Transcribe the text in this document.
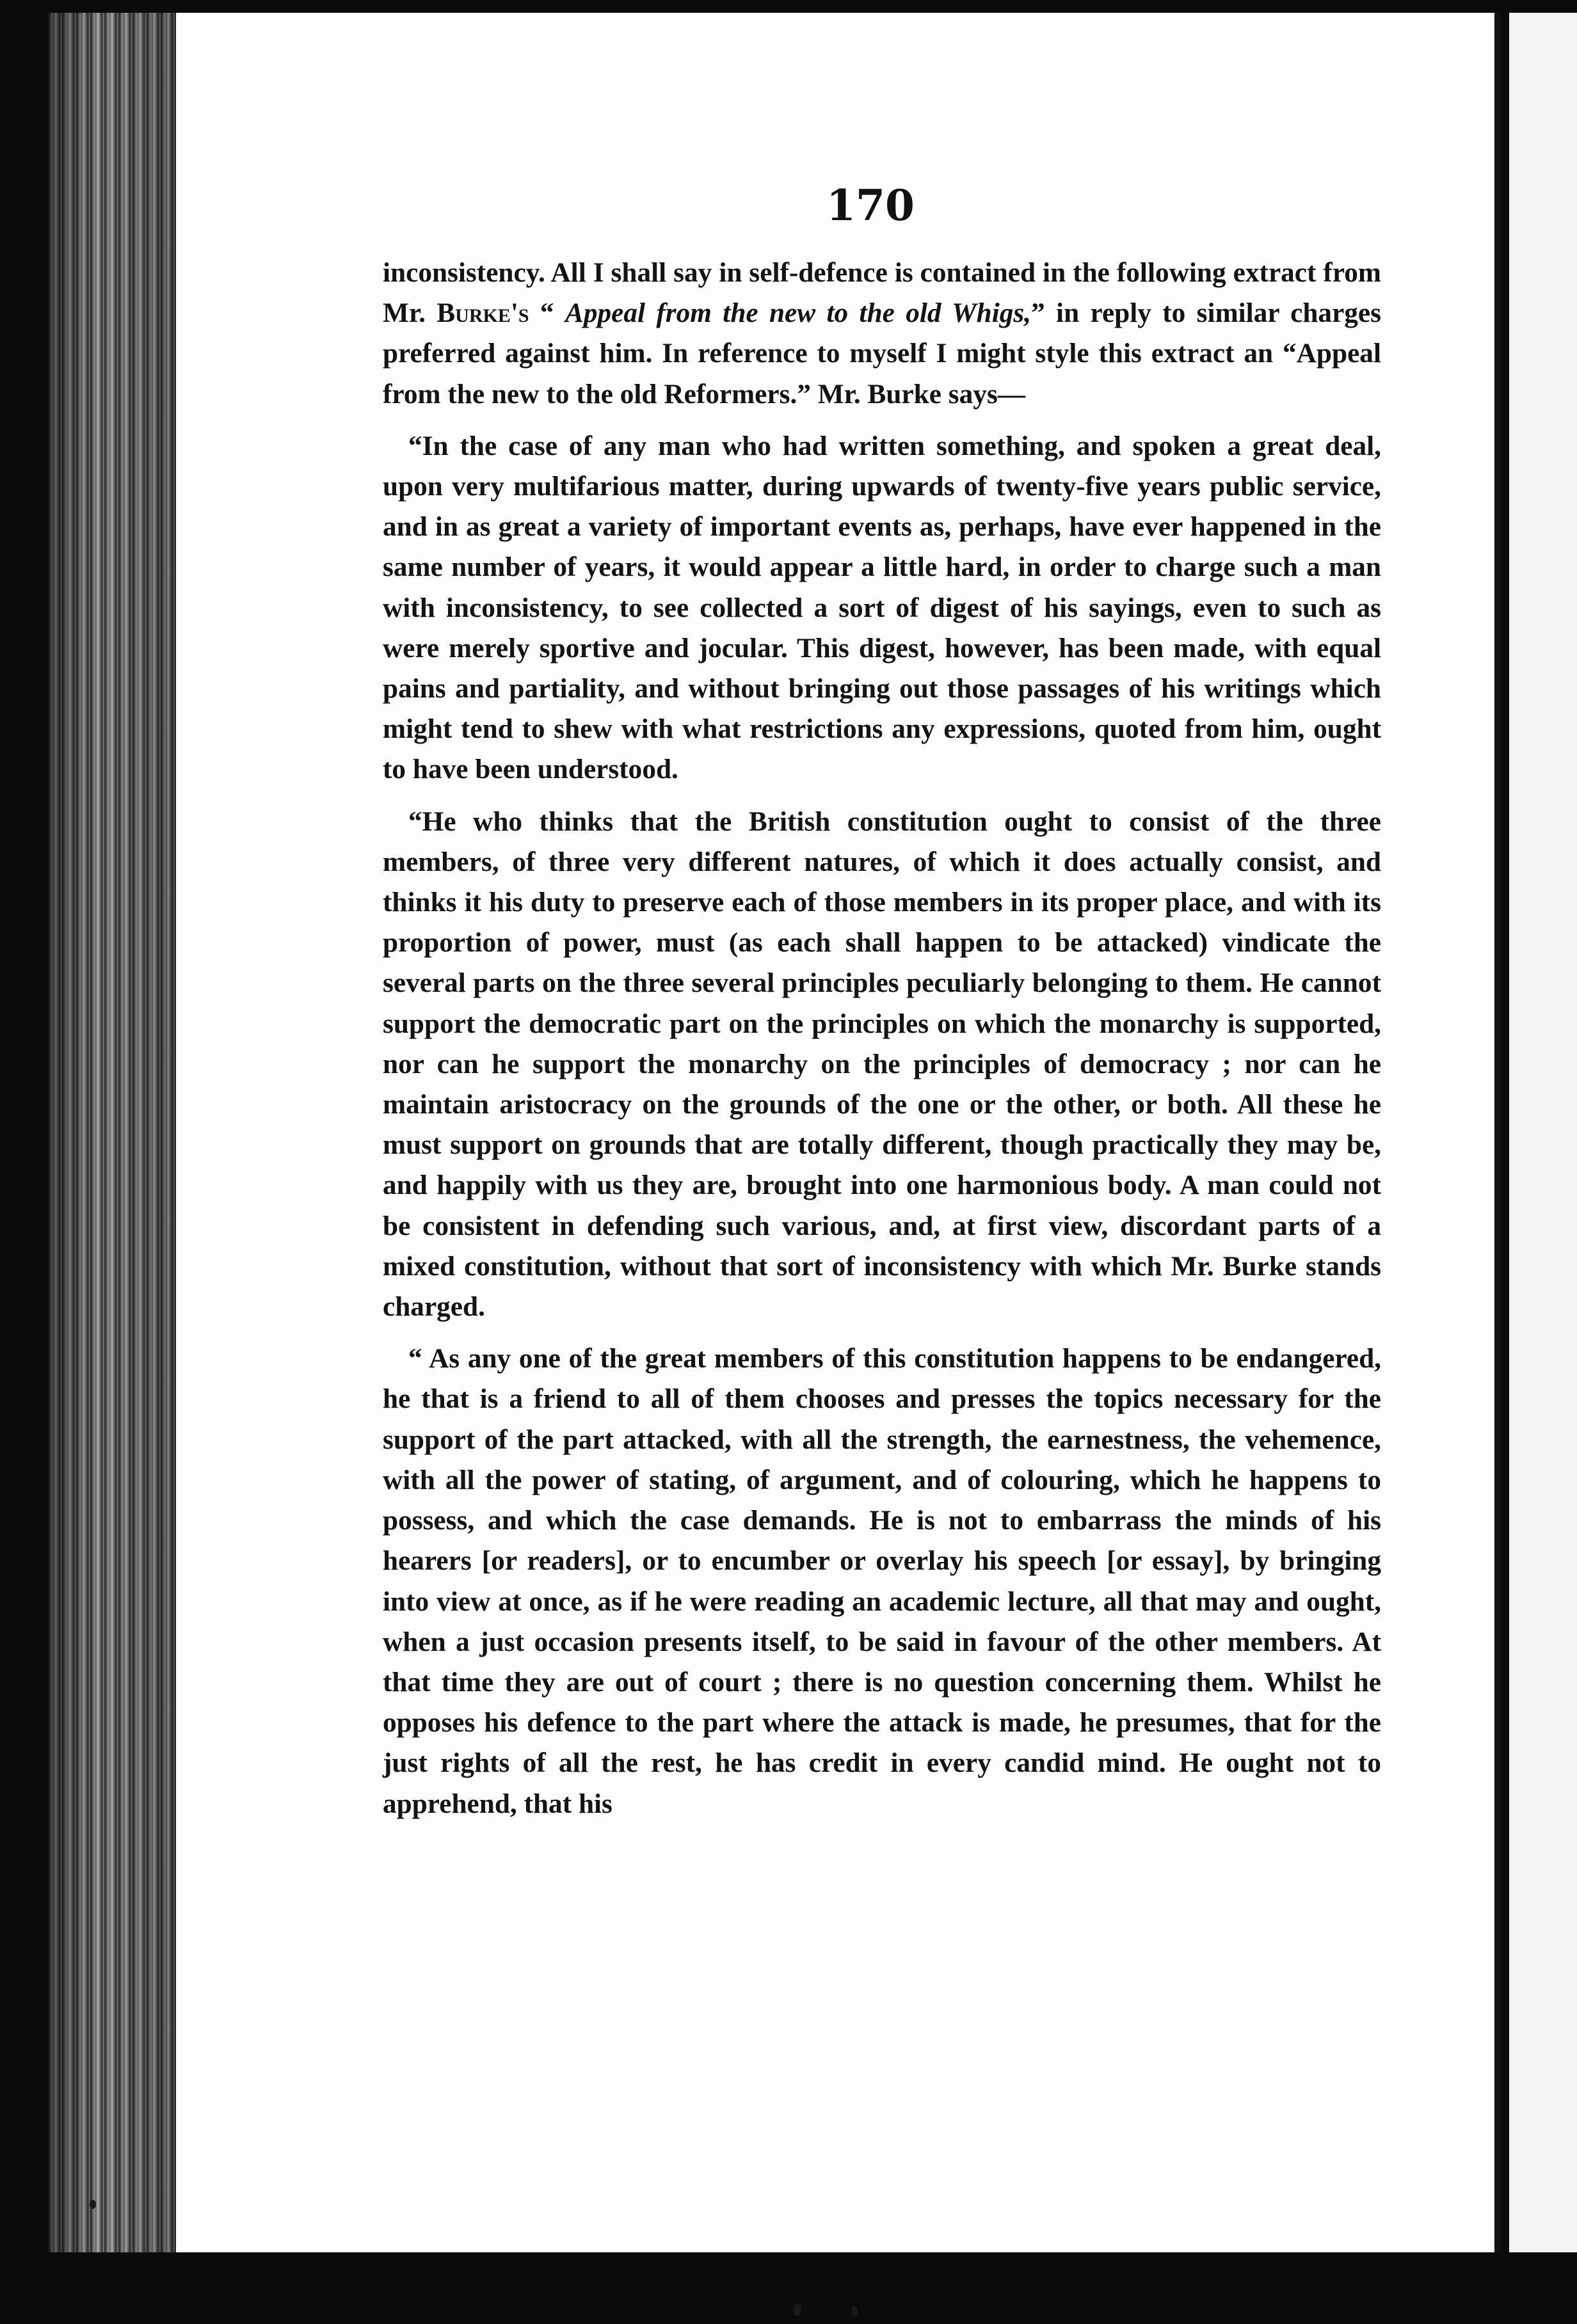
170

inconsistency. All I shall say in self-defence is contained in the following extract from Mr. Burke's “ Appeal from the new to the old Whigs,” in reply to similar charges preferred against him. In reference to myself I might style this extract an “Appeal from the new to the old Reformers.” Mr. Burke says—

“In the case of any man who had written something, and spoken a great deal, upon very multifarious matter, during upwards of twenty-five years public service, and in as great a variety of important events as, perhaps, have ever happened in the same number of years, it would appear a little hard, in order to charge such a man with inconsistency, to see collected a sort of digest of his sayings, even to such as were merely sportive and jocular. This digest, however, has been made, with equal pains and partiality, and without bringing out those passages of his writings which might tend to shew with what restrictions any expressions, quoted from him, ought to have been understood.

“He who thinks that the British constitution ought to consist of the three members, of three very different natures, of which it does actually consist, and thinks it his duty to preserve each of those members in its proper place, and with its proportion of power, must (as each shall happen to be attacked) vindicate the several parts on the three several principles peculiarly belonging to them. He cannot support the democratic part on the principles on which the monarchy is supported, nor can he support the monarchy on the principles of democracy ; nor can he maintain aristocracy on the grounds of the one or the other, or both. All these he must support on grounds that are totally different, though practically they may be, and happily with us they are, brought into one harmonious body. A man could not be consistent in defending such various, and, at first view, discordant parts of a mixed constitution, without that sort of inconsistency with which Mr. Burke stands charged.

“ As any one of the great members of this constitution happens to be endangered, he that is a friend to all of them chooses and presses the topics necessary for the support of the part attacked, with all the strength, the earnestness, the vehemence, with all the power of stating, of argument, and of colouring, which he happens to possess, and which the case demands. He is not to embarrass the minds of his hearers [or readers], or to encumber or overlay his speech [or essay], by bringing into view at once, as if he were reading an academic lecture, all that may and ought, when a just occasion presents itself, to be said in favour of the other members. At that time they are out of court ; there is no question concerning them. Whilst he opposes his defence to the part where the attack is made, he presumes, that for the just rights of all the rest, he has credit in every candid mind. He ought not to apprehend, that his
